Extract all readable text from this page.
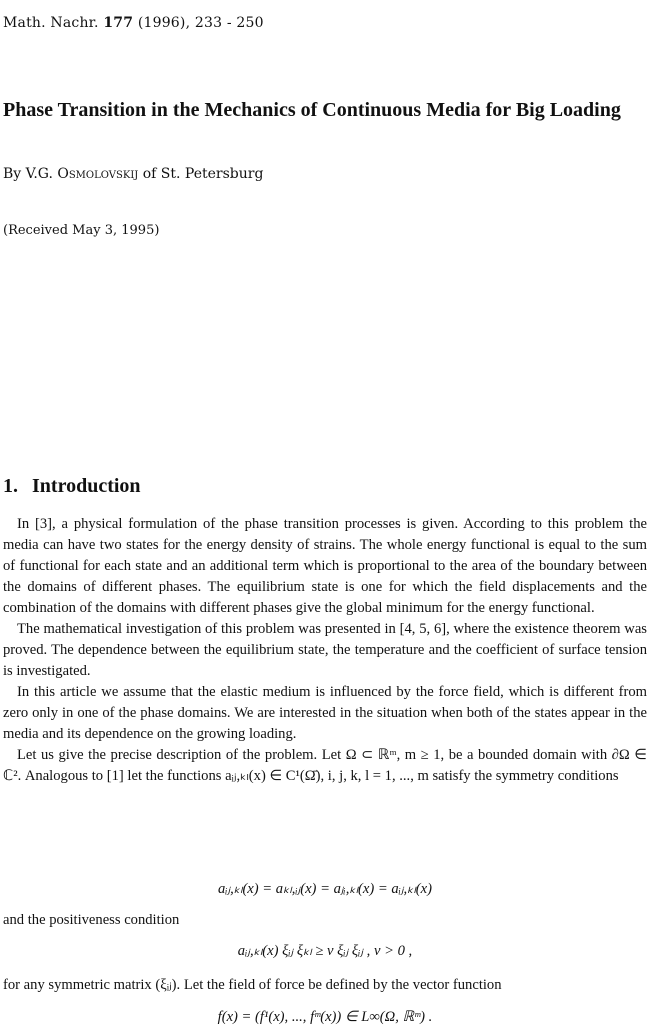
Math. Nachr. 177 (1996), 233 - 250
Phase Transition in the Mechanics of Continuous Media for Big Loading
By V.G. Osmolovskij of St. Petersburg
(Received May 3, 1995)
1. Introduction

In [3], a physical formulation of the phase transition processes is given. According to this problem the media can have two states for the energy density of strains. The whole energy functional is equal to the sum of functional for each state and an additional term which is proportional to the area of the boundary between the domains of different phases. The equilibrium state is one for which the field displacements and the combination of the domains with different phases give the global minimum for the energy functional.

The mathematical investigation of this problem was presented in [4, 5, 6], where the existence theorem was proved. The dependence between the equilibrium state, the temperature and the coefficient of surface tension is investigated.

In this article we assume that the elastic medium is influenced by the force field, which is different from zero only in one of the phase domains. We are interested in the situation when both of the states appear in the media and its dependence on the growing loading.

Let us give the precise description of the problem. Let Ω ⊂ ℝᵐ, m ≥ 1, be a bounded domain with ∂Ω ∈ ℂ². Analogous to [1] let the functions aᵢⱼ,ₖₗ(x) ∈ C¹(Ω̄), i, j, k, l = 1, ..., m satisfy the symmetry conditions

aᵢⱼ,ₖₗ(x) = aₖₗ,ᵢⱼ(x) = aⱼᵢ,ₖₗ(x) = aᵢⱼ,ₖₗ(x)

and the positiveness condition

aᵢⱼ,ₖₗ(x) ξᵢⱼ ξₖₗ ≥ ν ξᵢⱼ ξᵢⱼ , ν > 0 ,

for any symmetric matrix (ξᵢⱼ). Let the field of force be defined by the vector function

f(x) = (f¹(x), ..., fᵐ(x)) ∈ L∞(Ω, ℝᵐ) .
